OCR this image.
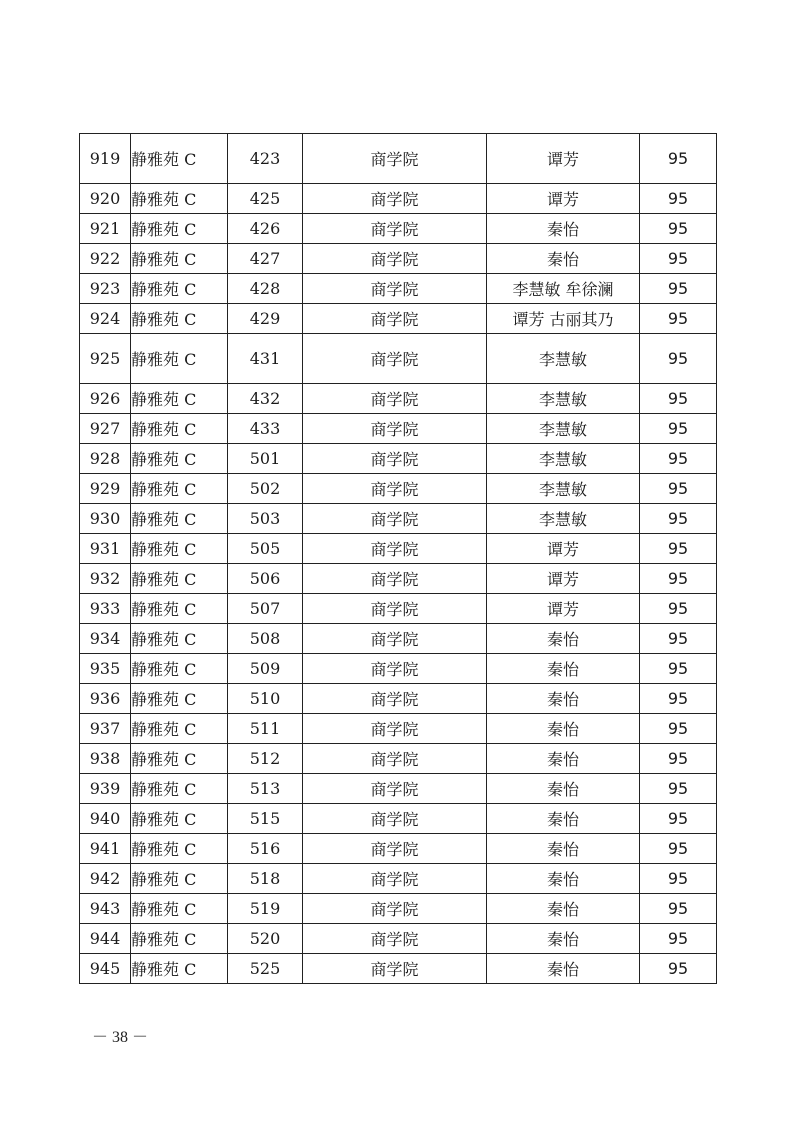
919	静雅苑 C	423	商学院	谭芳	95
920	静雅苑 C	425	商学院	谭芳	95
921	静雅苑 C	426	商学院	秦怡	95
922	静雅苑 C	427	商学院	秦怡	95
923	静雅苑 C	428	商学院	李慧敏 牟徐澜	95
924	静雅苑 C	429	商学院	谭芳 古丽其乃	95
925	静雅苑 C	431	商学院	李慧敏	95
926	静雅苑 C	432	商学院	李慧敏	95
927	静雅苑 C	433	商学院	李慧敏	95
928	静雅苑 C	501	商学院	李慧敏	95
929	静雅苑 C	502	商学院	李慧敏	95
930	静雅苑 C	503	商学院	李慧敏	95
931	静雅苑 C	505	商学院	谭芳	95
932	静雅苑 C	506	商学院	谭芳	95
933	静雅苑 C	507	商学院	谭芳	95
934	静雅苑 C	508	商学院	秦怡	95
935	静雅苑 C	509	商学院	秦怡	95
936	静雅苑 C	510	商学院	秦怡	95
937	静雅苑 C	511	商学院	秦怡	95
938	静雅苑 C	512	商学院	秦怡	95
939	静雅苑 C	513	商学院	秦怡	95
940	静雅苑 C	515	商学院	秦怡	95
941	静雅苑 C	516	商学院	秦怡	95
942	静雅苑 C	518	商学院	秦怡	95
943	静雅苑 C	519	商学院	秦怡	95
944	静雅苑 C	520	商学院	秦怡	95
945	静雅苑 C	525	商学院	秦怡	95
－ 38 －
